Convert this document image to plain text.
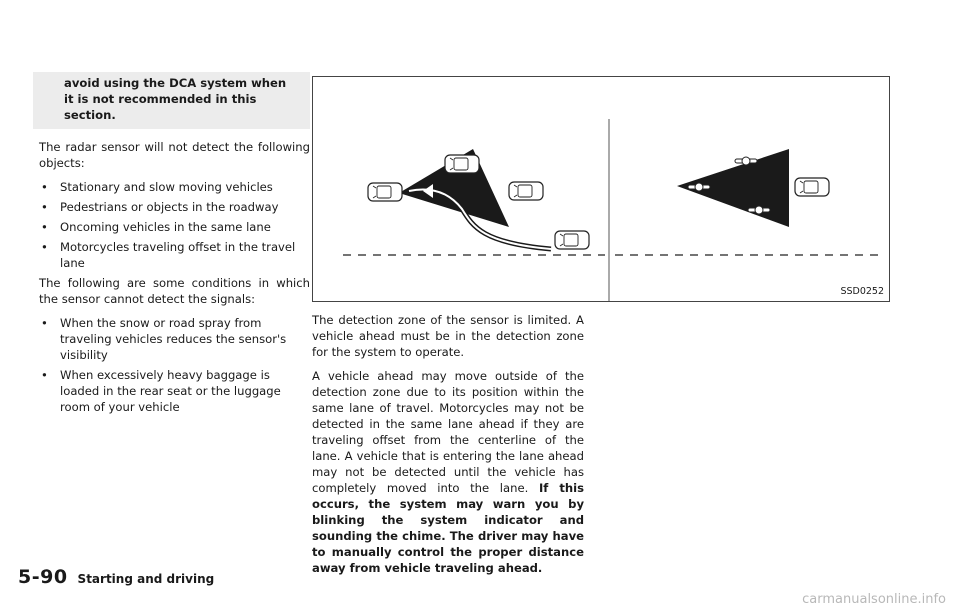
avoid using the DCA system when it is not recommended in this section.

The radar sensor will not detect the following objects:

• Stationary and slow moving vehicles
• Pedestrians or objects in the roadway
• Oncoming vehicles in the same lane
• Motorcycles traveling offset in the travel lane

The following are some conditions in which the sensor cannot detect the signals:

• When the snow or road spray from traveling vehicles reduces the sensor's visibility
• When excessively heavy baggage is loaded in the rear seat or the luggage room of your vehicle
SSD0252

The detection zone of the sensor is limited. A vehicle ahead must be in the detection zone for the system to operate.

A vehicle ahead may move outside of the detection zone due to its position within the same lane of travel. Motorcycles may not be detected in the same lane ahead if they are traveling offset from the centerline of the lane. A vehicle that is entering the lane ahead may not be detected until the vehicle has completely moved into the lane. If this occurs, the system may warn you by blinking the system indicator and sounding the chime. The driver may have to manually control the proper distance away from vehicle traveling ahead.

5-90 Starting and driving
carmanualsonline.info
